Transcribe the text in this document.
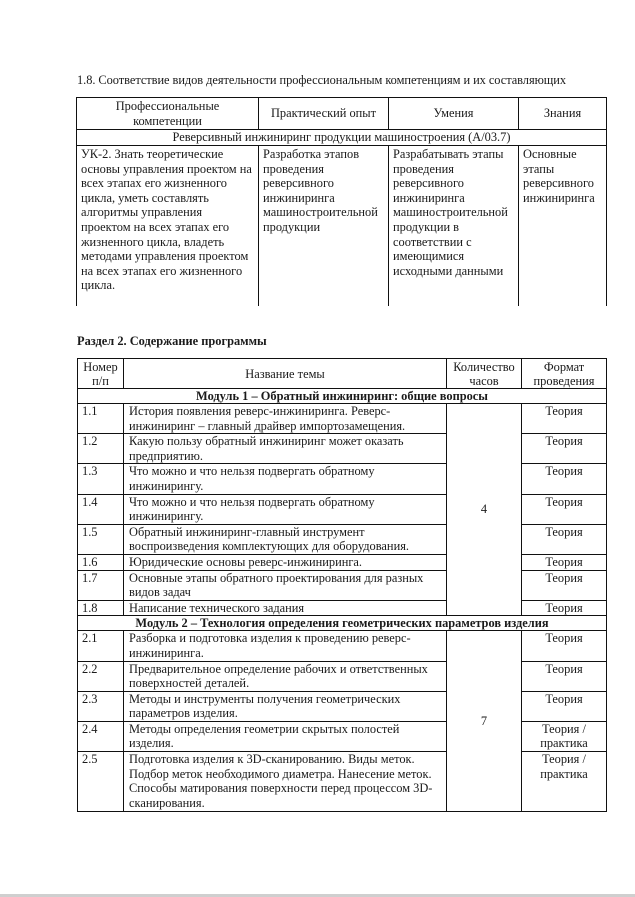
1.8. Соответствие видов деятельности профессиональным компетенциям и их составляющих
Профессиональные компетенции	Практический опыт	Умения	Знания
Реверсивный инжиниринг продукции машиностроения (А/03.7)			
УК-2. Знать теоретические основы управления проектом на всех этапах его жизненного цикла, уметь составлять алгоритмы управления проектом на всех этапах его жизненного цикла, владеть методами управления проектом на всех этапах его жизненного цикла.	Разработка этапов проведения реверсивного инжиниринга машиностроительной продукции	Разрабатывать этапы проведения реверсивного инжиниринга машиностроительной продукции в соответствии с имеющимися исходными данными	Основные этапы реверсивного инжиниринга
Раздел 2. Содержание программы
Номер п/п	Название темы	Количество часов	Формат проведения
Модуль 1 – Обратный инжиниринг: общие вопросы			
1.1	История появления реверс-инжиниринга. Реверс-инжиниринг – главный драйвер импортозамещения.	4	Теория
1.2	Какую пользу обратный инжиниринг может оказать предприятию.		Теория
1.3	Что можно и что нельзя подвергать обратному инжинирингу.		Теория
1.4	Что можно и что нельзя подвергать обратному инжинирингу.		Теория
1.5	Обратный инжиниринг-главный инструмент воспроизведения комплектующих для оборудования.		Теория
1.6	Юридические основы реверс-инжиниринга.		Теория
1.7	Основные этапы обратного проектирования для разных видов задач		Теория
1.8	Написание технического задания		Теория
Модуль 2 – Технология определения геометрических параметров изделия			
2.1	Разборка и подготовка изделия к проведению реверс-инжиниринга.	7	Теория
2.2	Предварительное определение рабочих и ответственных поверхностей деталей.		Теория
2.3	Методы и инструменты получения геометрических параметров изделия.		Теория
2.4	Методы определения геометрии скрытых полостей изделия.		Теория / практика
2.5	Подготовка изделия к 3D-сканированию. Виды меток. Подбор меток необходимого диаметра. Нанесение меток. Способы матирования поверхности перед процессом 3D-сканирования.		Теория / практика
